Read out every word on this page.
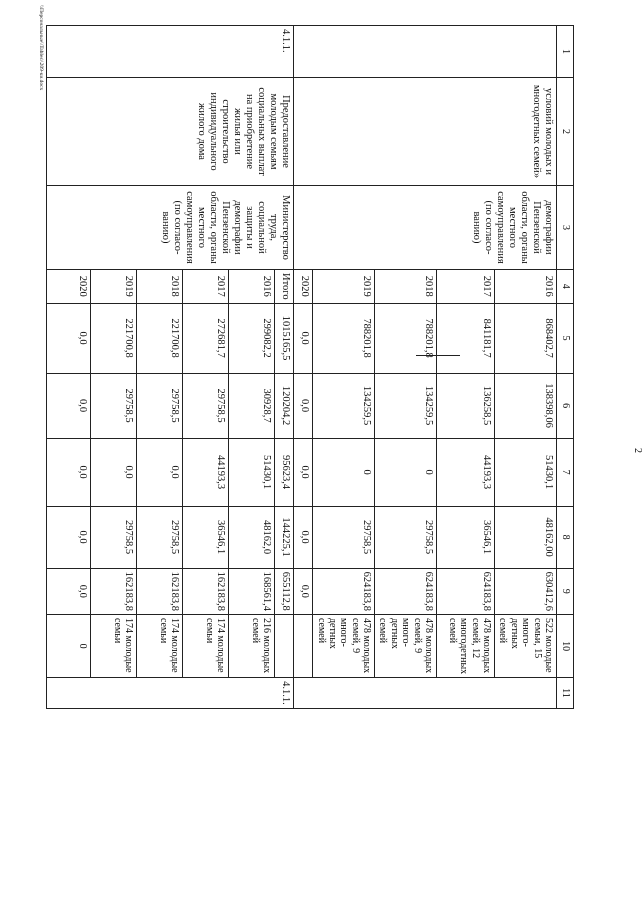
2
\\Персональные\\Tables\\209-ки.docx	1	2	3	4	5	6	7	8	9	10	11
	условий молодых и многодетных семей»	демографии Пензенской области, органы местного самоуправления (по согласо-ванию)	2016	868402,7	138398,06	51430,1	48162,00	630412,6	522 молодые семьи, 15 много-детных семей	
			2017	841181,7	136258,5	44193,3	36546,1	624183,8	478 молодых семей, 12 многодетных семей	
			2018	788201,8	134259,5	0	29758,5	624183,8	478 молодых семей, 9 много-детных семей	
			2019	788201,8	134259,5	0	29758,5	624183,8	478 молодых семей, 9 много-детных семей	
			2020	0,0	0,0	0,0	0,0	0,0		
4.1.1.	Предоставление молодым семьям социальных выплат на приобретение жилья или строительство индивидуального жилого дома	Министерство труда, социальной защиты и демографии Пензенской области, органы местного самоуправления (по согласо-ванию)	Итого	1015165,5	120204,2	95623,4	144225,1	655112,8		4.1.1.
			2016	299082,2	30928,7	51430,1	48162,0	168561,4	216 молодых семей	
			2017	272681,7	29758,5	44193,3	36546,1	162183,8	174 молодые семьи	
			2018	221700,8	29758,5	0,0	29758,5	162183,8	174 молодые семьи	
			2019	221700,8	29758,5	0,0	29758,5	162183,8	174 молодые семьи	
			2020	0,0	0,0	0,0	0,0	0,0	0	
